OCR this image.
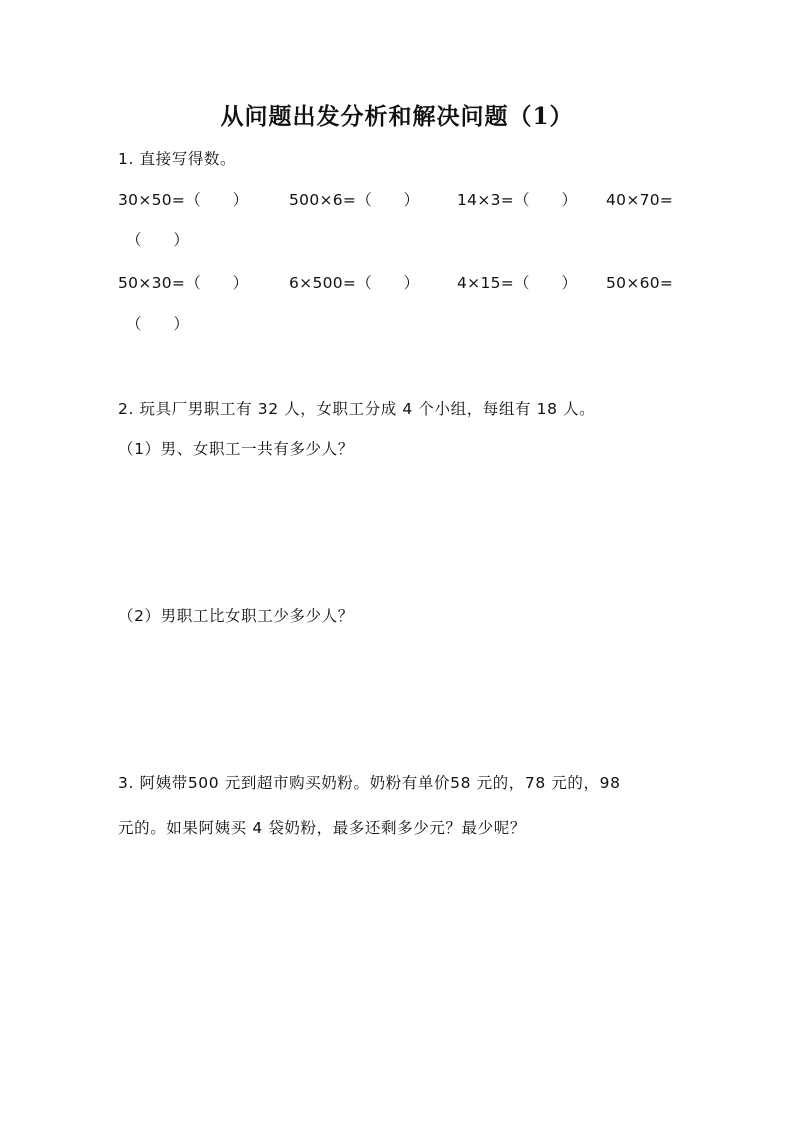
从问题出发分析和解决问题（1）
1. 直接写得数。
30×50=（　　）	500×6=（　　） 14×3=（　　） 40×70=
（　　）
50×30=（　　）	6×500=（　　） 4×15=（　　） 50×60=
（　　）
2. 玩具厂男职工有 32 人，女职工分成 4 个小组，每组有 18 人。
（1）男、女职工一共有多少人？
（2）男职工比女职工少多少人？
3. 阿姨带500 元到超市购买奶粉。奶粉有单价58 元的，78 元的，98
元的。如果阿姨买 4 袋奶粉，最多还剩多少元？最少呢？
